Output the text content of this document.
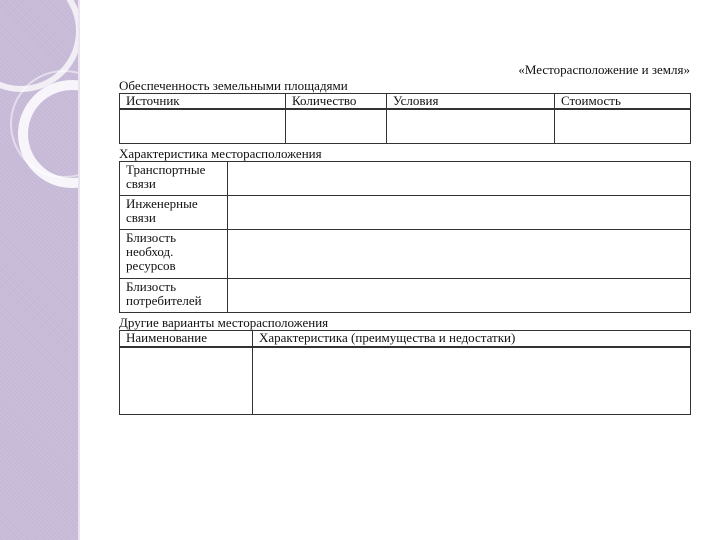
«Месторасположение и земля»
Обеспеченность земельными площадями
Источник	Количество	Условия	Стоимость

Характеристика месторасположения
Транспортные
связи	

Инженерные
связи	

Близость
необход.
ресурсов	

Близость
потребителей	

Другие варианты месторасположения
Наименование	Характеристика (преимущества и недостатки)
